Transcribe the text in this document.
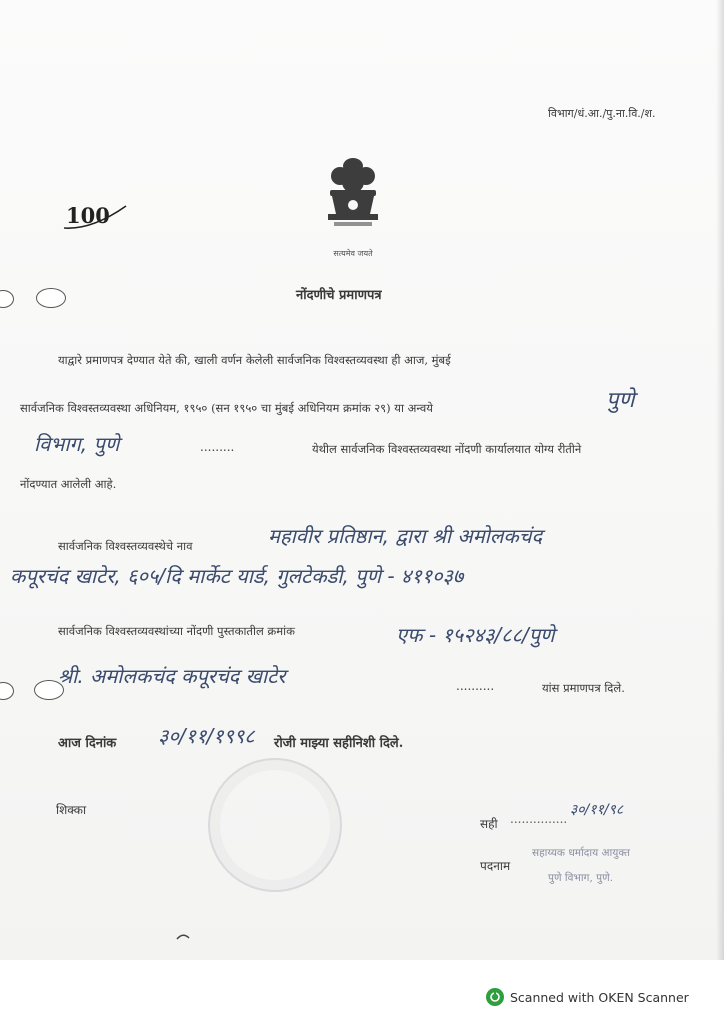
विभाग/धं.आ./पु.ना.वि./श.
100
सत्यमेव जयते
नोंदणीचे प्रमाणपत्र
याद्वारे प्रमाणपत्र देण्यात येते की, खाली वर्णन केलेली सार्वजनिक विश्वस्तव्यवस्था ही आज, मुंबई
सार्वजनिक विश्वस्तव्यवस्था अधिनियम, १९५० (सन १९५० चा मुंबई अधिनियम क्रमांक २९) या अन्वये	पुणे
विभाग, पुणे	.........	येथील सार्वजनिक विश्वस्तव्यवस्था नोंदणी कार्यालयात योग्य रीतीने
नोंदण्यात आलेली आहे.
सार्वजनिक विश्वस्तव्यवस्थेचे नाव	महावीर प्रतिष्ठान, द्वारा श्री अमोलकचंद
कपूरचंद खाटेर, ६०५/दि मार्केट यार्ड, गुलटेकडी, पुणे - ४११०३७
सार्वजनिक विश्वस्तव्यवस्थांच्या नोंदणी पुस्तकातील क्रमांक	एफ - १५२४३/८८/पुणे
श्री. अमोलकचंद कपूरचंद खाटेर	..........	यांस प्रमाणपत्र दिले.
आज दिनांक ३०/११/१९९८ रोजी माझ्या सहीनिशी दिले.
शिक्का
सही ...............
३०/११/९८
पदनाम
सहाय्यक धर्मादाय आयुक्त
पुणे विभाग, पुणे.
Scanned with OKEN Scanner
